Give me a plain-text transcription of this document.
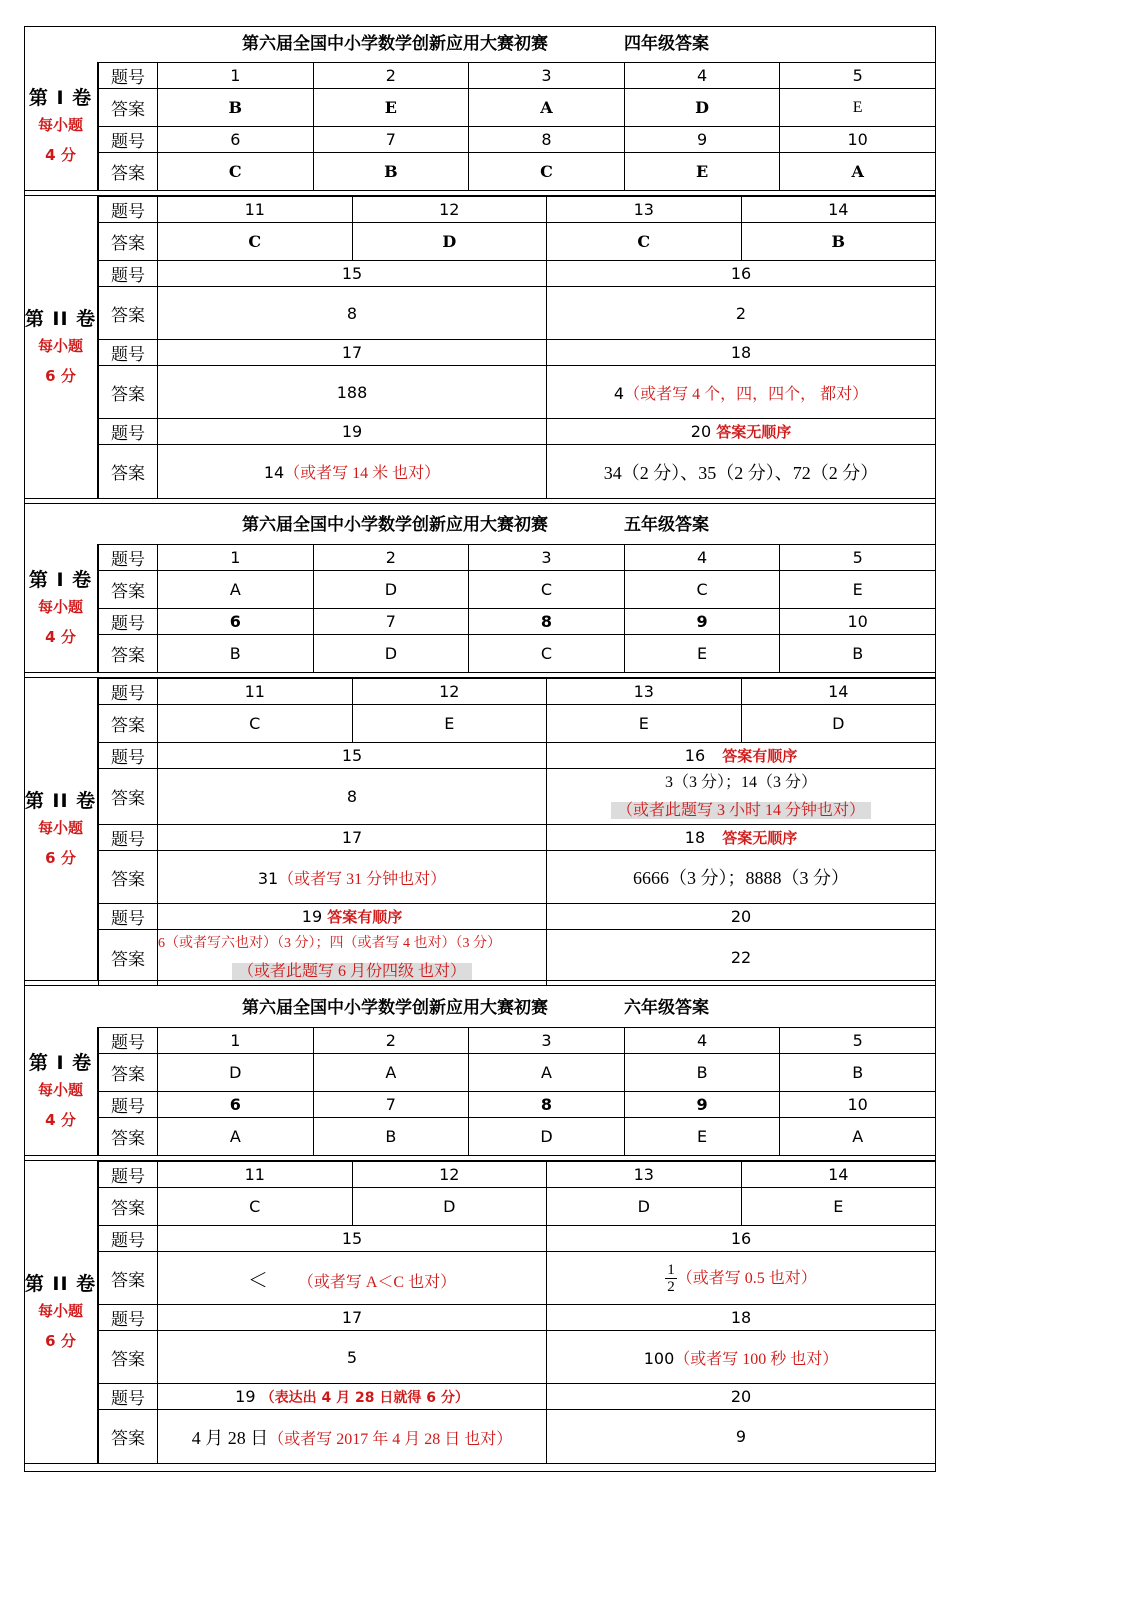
第六届全国中小学数学创新应用大赛初赛	四年级答案
第 I 卷
每小题
4 分
题号	1	2	3	4	5
答案	B	E	A	D	E
题号	6	7	8	9	10
答案	C	B	C	E	A
第 II 卷
每小题
6 分
题号	11	12	13	14
答案	C	D	C	B
题号	15		16	
答案	8		2	
题号	17		18	
答案	188		4（或者写 4 个，四，四个， 都对）	
题号	19		20 答案无顺序	
答案	14（或者写 14 米 也对）		34（2 分）、35（2 分）、72（2 分）	
第六届全国中小学数学创新应用大赛初赛	五年级答案
第 I 卷
每小题
4 分
题号	1	2	3	4	5
答案	A	D	C	C	E
题号	6	7	8	9	10
答案	B	D	C	E	B
第 II 卷
每小题
6 分
题号	11	12	13	14
答案	C	E	E	D
题号	15		16 答案有顺序	
答案	8		3（3 分）；14（3 分）
（或者此题写 3 小时 14 分钟也对）	

题号	17		18 答案无顺序	
答案	31（或者写 31 分钟也对）		6666（3 分）；8888（3 分）	
题号	19 答案有顺序		20	
答案	6（或者写六也对）（3 分）；四（或者写 4 也对）（3 分）
（或者此题写 6 月份四级 也对）		22	
第六届全国中小学数学创新应用大赛初赛	六年级答案
第 I 卷
每小题
4 分
题号	1	2	3	4	5
答案	D	A	A	B	B
题号	6	7	8	9	10
答案	A	B	D	E	A
第 II 卷
每小题
6 分
题号	11	12	13	14
答案	C	D	D	E
题号	15		16	
答案	＜ （或者写 A＜C 也对）		$\frac{1}{2}$ （或者写 0.5 也对）	
题号	17		18	
答案	5		100（或者写 100 秒 也对）	
题号	19 （表达出 4 月 28 日就得 6 分）		20	
答案	4 月 28 日（或者写 2017 年 4 月 28 日 也对）		9	
